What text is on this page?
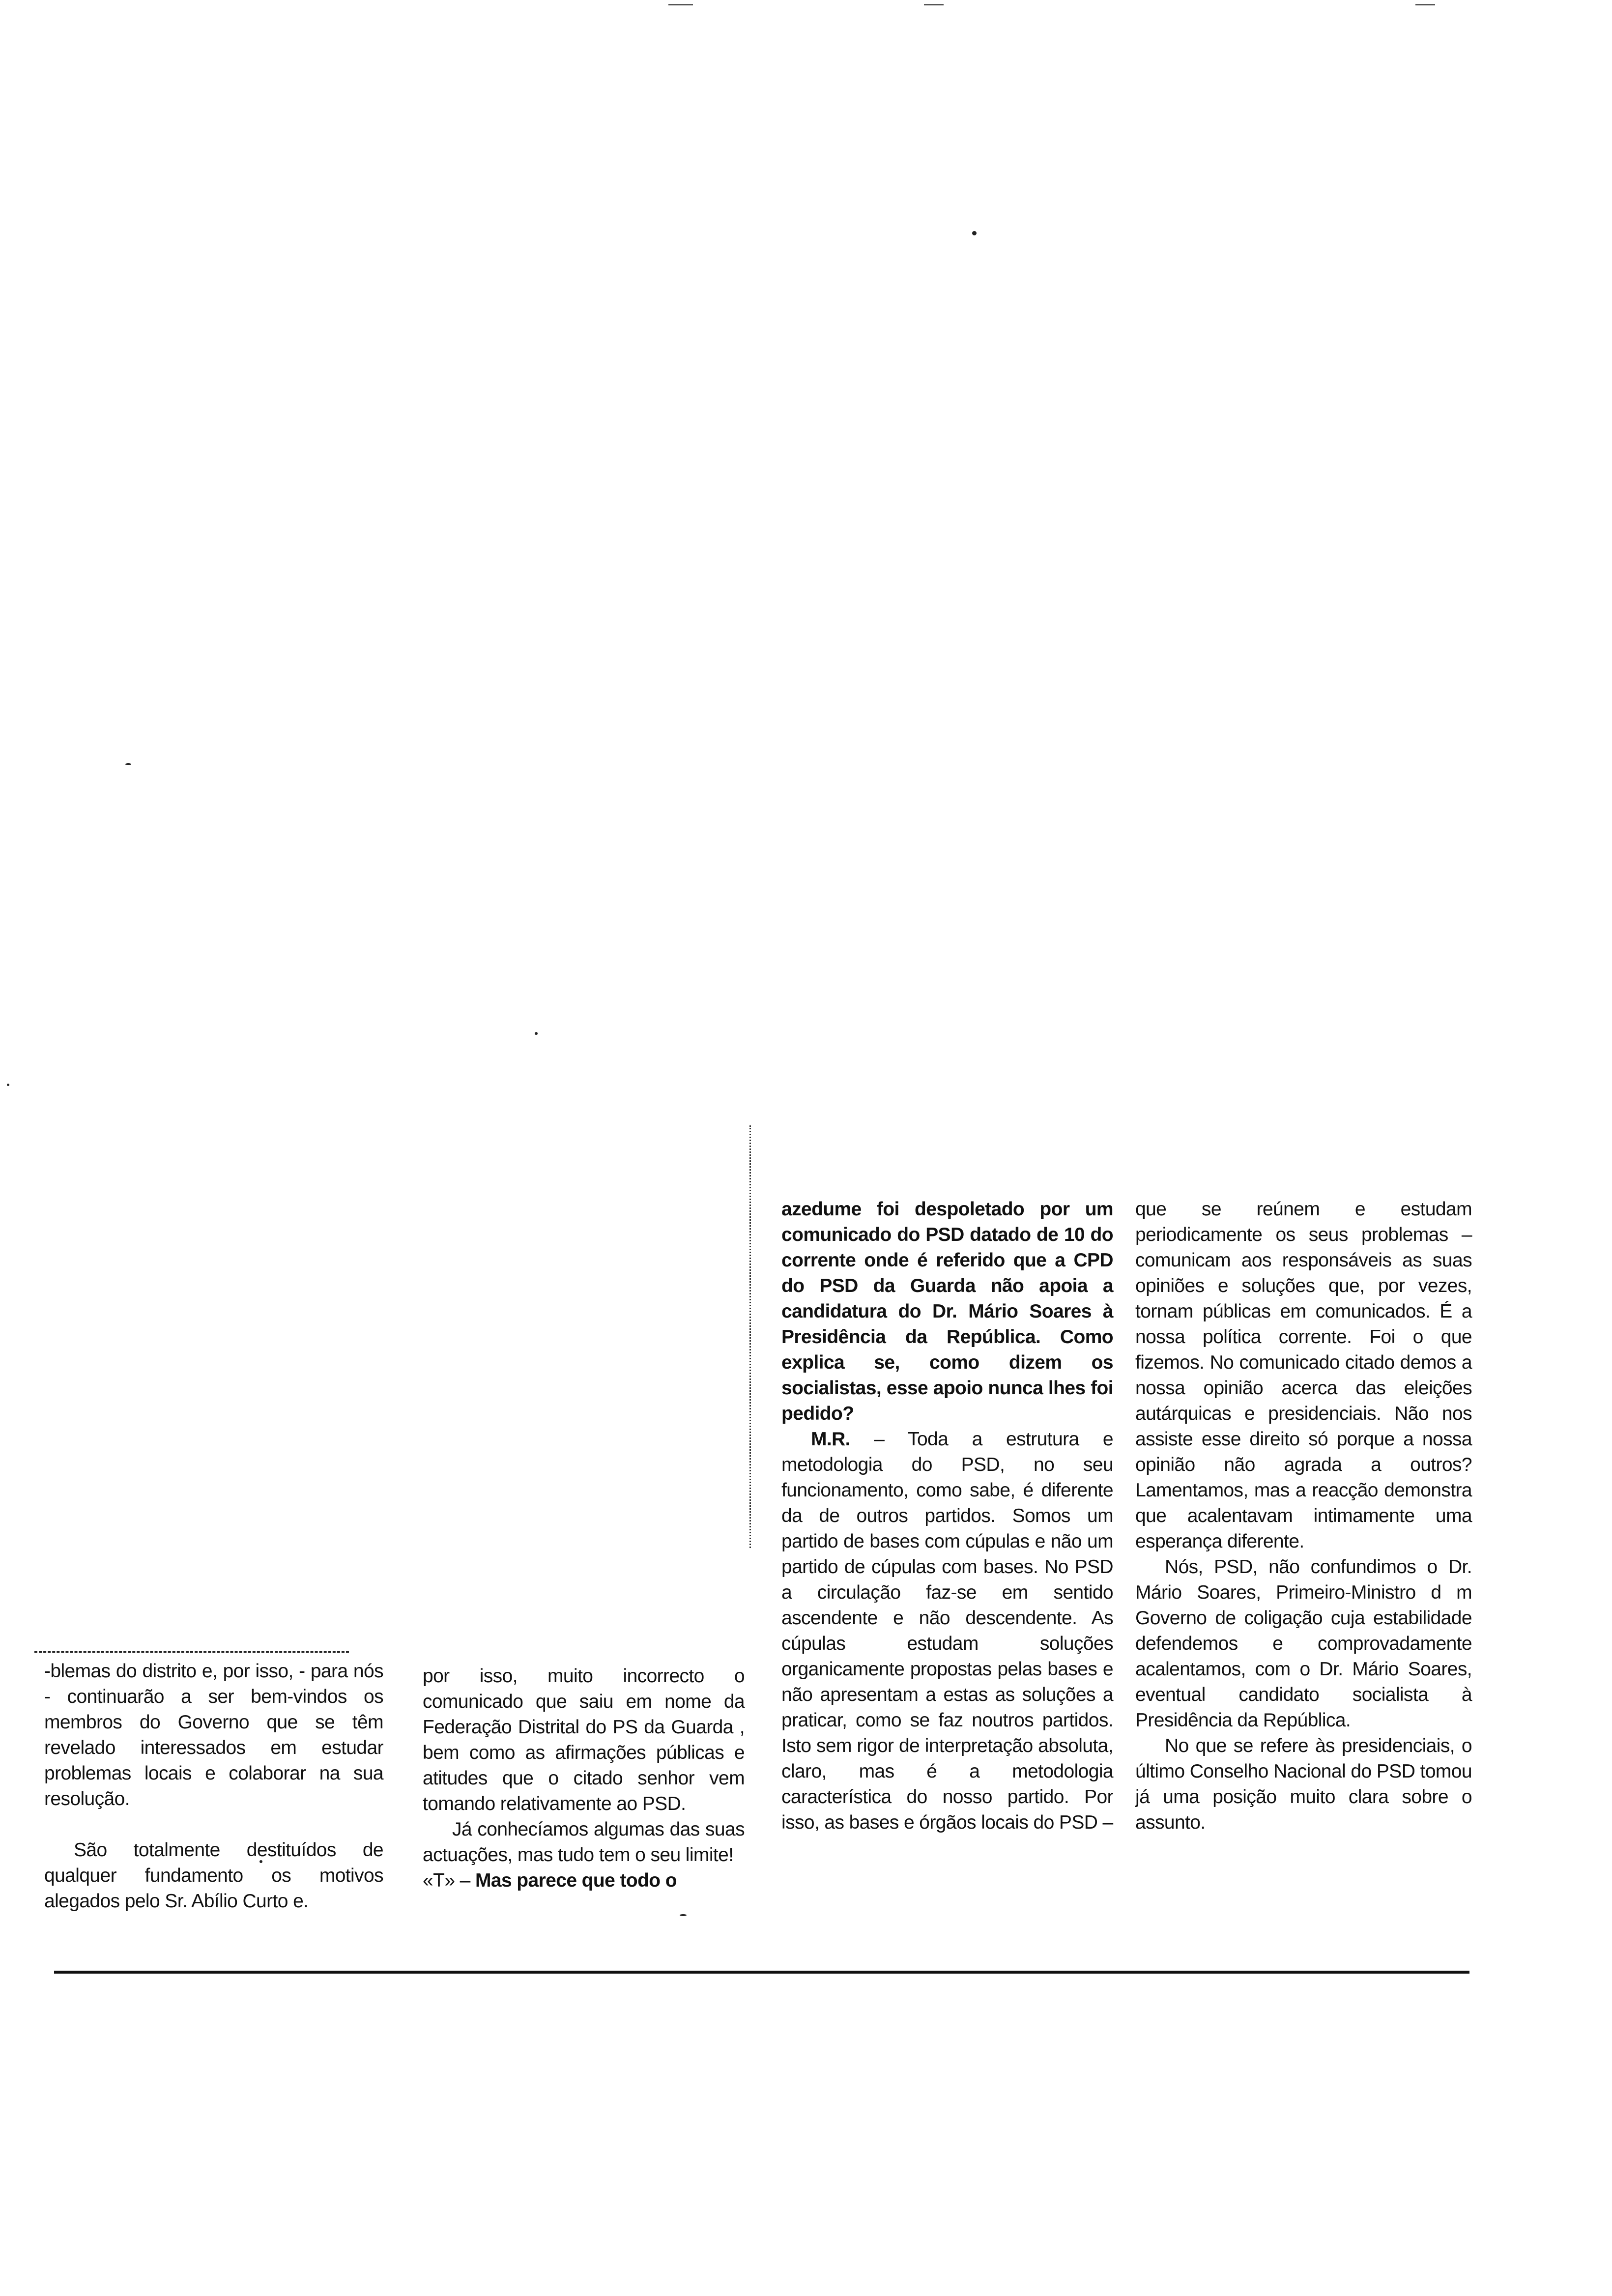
-blemas do distrito e, por isso, - para nós - continuarão a ser bem-vindos os membros do Governo que se têm revelado interessados em estudar problemas locais e colaborar na sua resolução.

São totalmente destituídos de qualquer fundamento os motivos alegados pelo Sr. Abílio Curto e.

por isso, muito incorrecto o comunicado que saiu em nome da Federação Distrital do PS da Guarda , bem como as afirmações públicas e atitudes que o citado senhor vem tomando relativamente ao PSD.

Já conhecíamos algumas das suas actuações, mas tudo tem o seu limite!

«T» – Mas parece que todo o

azedume foi despoletado por um comunicado do PSD datado de 10 do corrente onde é referido que a CPD do PSD da Guarda não apoia a candidatura do Dr. Mário Soares à Presidência da República. Como explica se, como dizem os socialistas, esse apoio nunca lhes foi pedido?

M.R. – Toda a estrutura e metodologia do PSD, no seu funcionamento, como sabe, é diferente da de outros partidos. Somos um partido de bases com cúpulas e não um partido de cúpulas com bases. No PSD a circulação faz-se em sentido ascendente e não descendente. As cúpulas estudam soluções organicamente propostas pelas bases e não apresentam a estas as soluções a praticar, como se faz noutros partidos. Isto sem rigor de interpretação absoluta, claro, mas é a metodologia característica do nosso partido. Por isso, as bases e órgãos locais do PSD –

que se reúnem e estudam periodicamente os seus problemas – comunicam aos responsáveis as suas opiniões e soluções que, por vezes, tornam públicas em comunicados. É a nossa política corrente. Foi o que fizemos. No comunicado citado demos a nossa opinião acerca das eleições autárquicas e presidenciais. Não nos assiste esse direito só porque a nossa opinião não agrada a outros? Lamentamos, mas a reacção demonstra que acalentavam intimamente uma esperança diferente.

Nós, PSD, não confundimos o Dr. Mário Soares, Primeiro-Ministro d m Governo de coligação cuja estabilidade defendemos e comprovadamente acalentamos, com o Dr. Mário Soares, eventual candidato socialista à Presidência da República.

No que se refere às presidenciais, o último Conselho Nacional do PSD tomou já uma posição muito clara sobre o assunto.
